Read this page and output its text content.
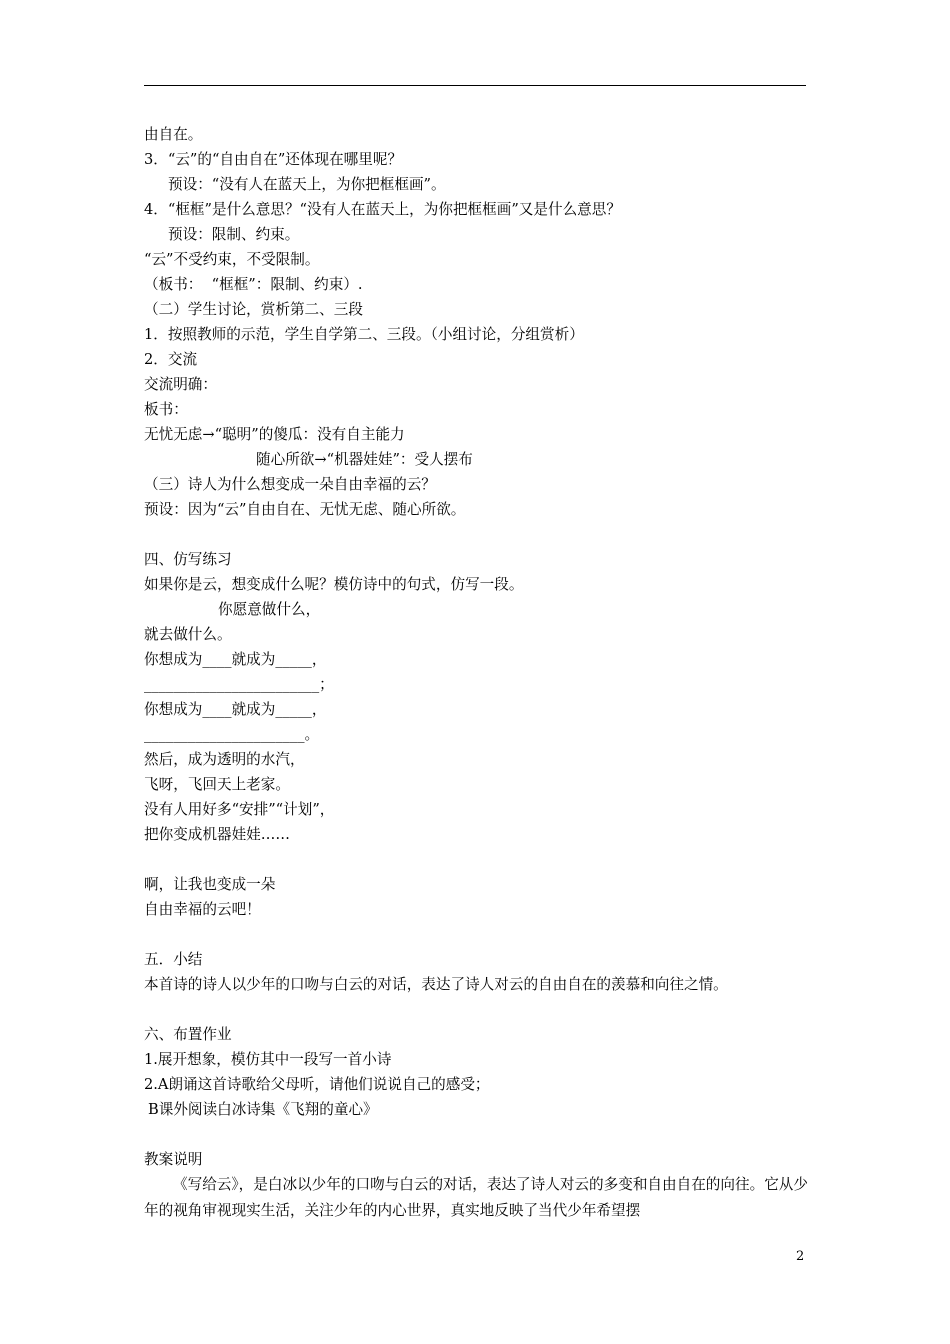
由自在。
3．“云”的“自由自在”还体现在哪里呢？
预设：“没有人在蓝天上，为你把框框画”。
4．“框框”是什么意思？“没有人在蓝天上，为你把框框画”又是什么意思？
预设：限制、约束。
“云”不受约束，不受限制。
（板书：  “框框”：限制、约束）.
（二）学生讨论，赏析第二、三段
1．按照教师的示范，学生自学第二、三段。（小组讨论，分组赏析）
2．交流
交流明确：
板书：
无忧无虑→“聪明”的傻瓜：没有自主能力
随心所欲→“机器娃娃”：受人摆布
（三）诗人为什么想变成一朵自由幸福的云？
预设：因为“云”自由自在、无忧无虑、随心所欲。
四、仿写练习
如果你是云，想变成什么呢？模仿诗中的句式，仿写一段。
你愿意做什么，
就去做什么。
你想成为____就成为_____，
________________________；
你想成为____就成为_____，
______________________。
然后，成为透明的水汽，
飞呀，飞回天上老家。
没有人用好多“安排”“计划”，
把你变成机器娃娃……
啊，让我也变成一朵
自由幸福的云吧！
五．小结
本首诗的诗人以少年的口吻与白云的对话，表达了诗人对云的自由自在的羡慕和向往之情。
六、布置作业
1.展开想象，模仿其中一段写一首小诗
2.A朗诵这首诗歌给父母听，请他们说说自己的感受；
B课外阅读白冰诗集《飞翔的童心》
教案说明
《写给云》，是白冰以少年的口吻与白云的对话，表达了诗人对云的多变和自由自在的向往。它从少年的视角审视现实生活，关注少年的内心世界，真实地反映了当代少年希望摆
2
